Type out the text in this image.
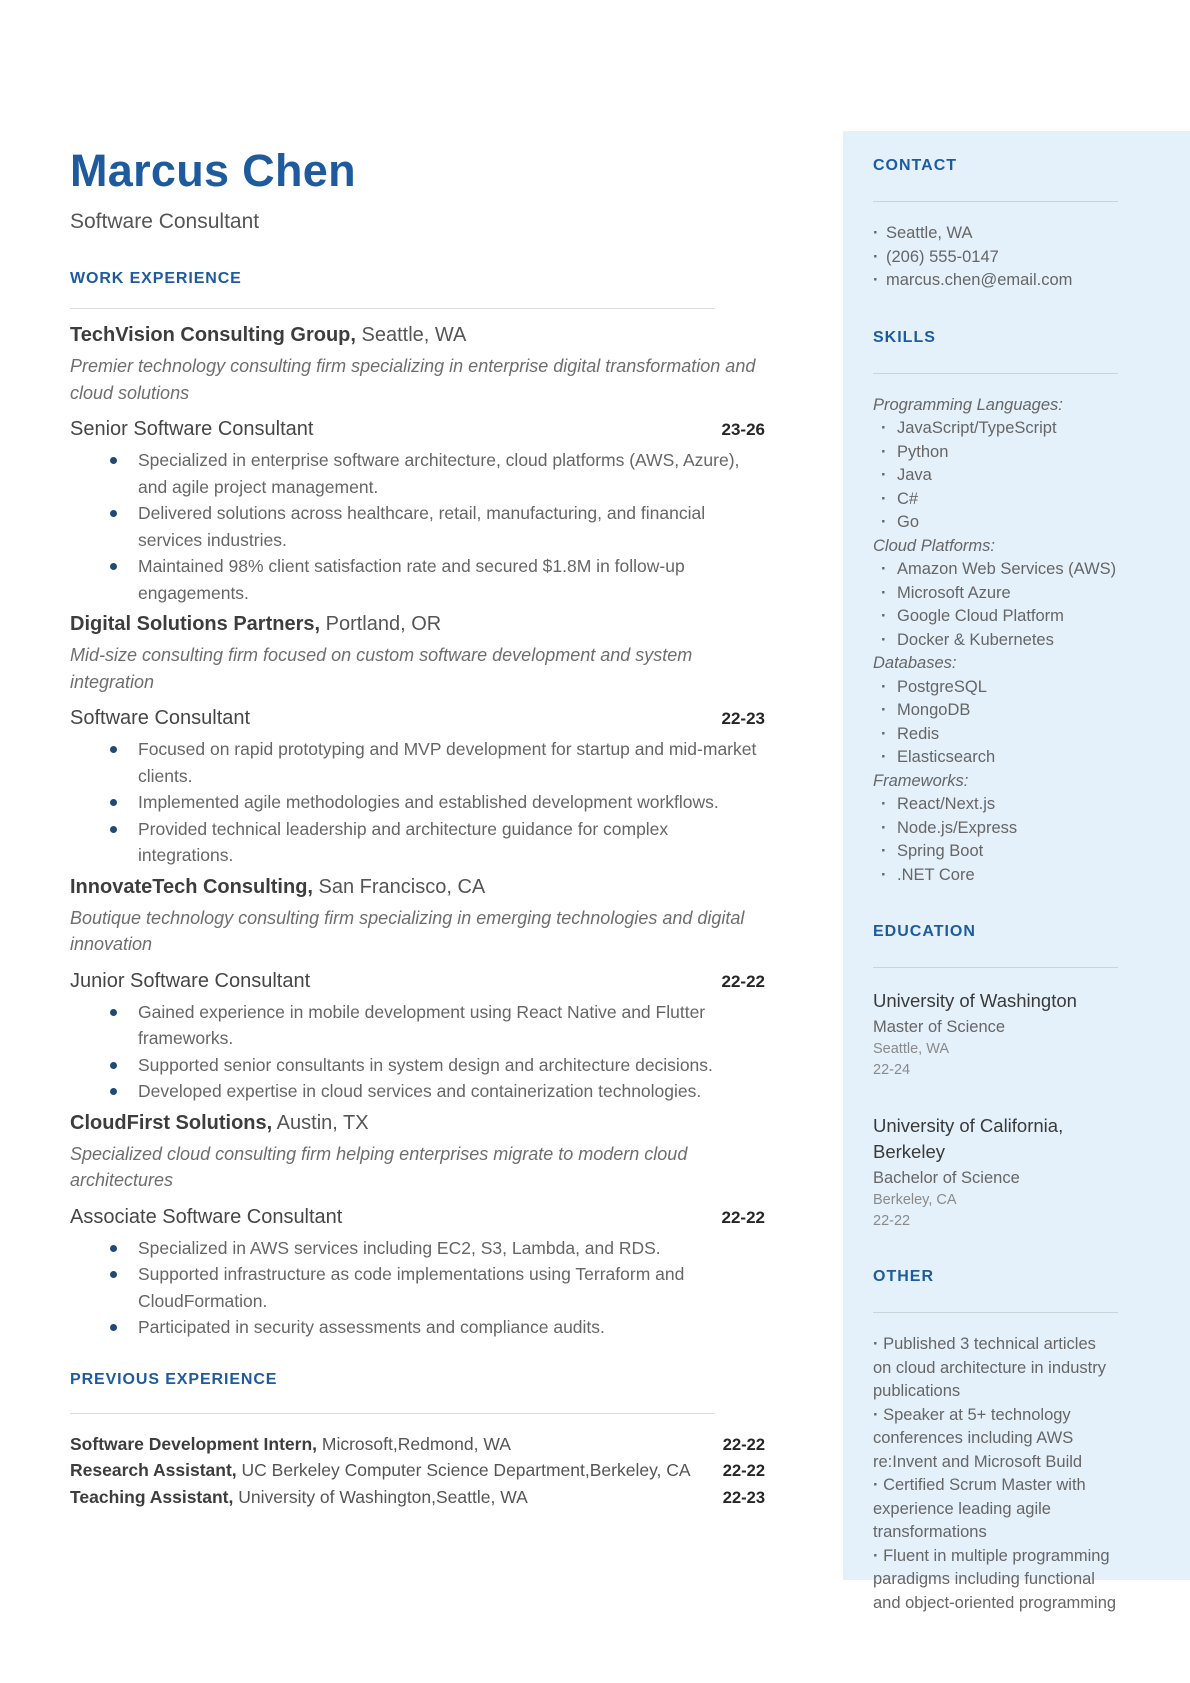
Marcus Chen
Software Consultant
WORK EXPERIENCE
TechVision Consulting Group, Seattle, WA
Premier technology consulting firm specializing in enterprise digital transformation and cloud solutions
Senior Software Consultant	23-26
Specialized in enterprise software architecture, cloud platforms (AWS, Azure), and agile project management.
Delivered solutions across healthcare, retail, manufacturing, and financial services industries.
Maintained 98% client satisfaction rate and secured $1.8M in follow-up engagements.
Digital Solutions Partners, Portland, OR
Mid-size consulting firm focused on custom software development and system integration
Software Consultant	22-23
Focused on rapid prototyping and MVP development for startup and mid-market clients.
Implemented agile methodologies and established development workflows.
Provided technical leadership and architecture guidance for complex integrations.
InnovateTech Consulting, San Francisco, CA
Boutique technology consulting firm specializing in emerging technologies and digital innovation
Junior Software Consultant	22-22
Gained experience in mobile development using React Native and Flutter frameworks.
Supported senior consultants in system design and architecture decisions.
Developed expertise in cloud services and containerization technologies.
CloudFirst Solutions, Austin, TX
Specialized cloud consulting firm helping enterprises migrate to modern cloud architectures
Associate Software Consultant	22-22
Specialized in AWS services including EC2, S3, Lambda, and RDS.
Supported infrastructure as code implementations using Terraform and CloudFormation.
Participated in security assessments and compliance audits.
PREVIOUS EXPERIENCE
Software Development Intern, Microsoft,Redmond, WA	22-22
Research Assistant, UC Berkeley Computer Science Department,Berkeley, CA 22-22
Teaching Assistant, University of Washington,Seattle, WA	22-23
CONTACT
· Seattle, WA
· (206) 555-0147
· marcus.chen@email.com
SKILLS
Programming Languages:
· JavaScript/TypeScript
· Python
· Java
· C#
· Go
Cloud Platforms:
· Amazon Web Services (AWS)
· Microsoft Azure
· Google Cloud Platform
· Docker & Kubernetes
Databases:
· PostgreSQL
· MongoDB
· Redis
· Elasticsearch
Frameworks:
· React/Next.js
· Node.js/Express
· Spring Boot
· .NET Core
EDUCATION
University of Washington
Master of Science
Seattle, WA
22-24
University of California, Berkeley
Bachelor of Science
Berkeley, CA
22-22
OTHER
· Published 3 technical articles on cloud architecture in industry publications
· Speaker at 5+ technology conferences including AWS re:Invent and Microsoft Build
· Certified Scrum Master with experience leading agile transformations
· Fluent in multiple programming paradigms including functional and object-oriented programming
